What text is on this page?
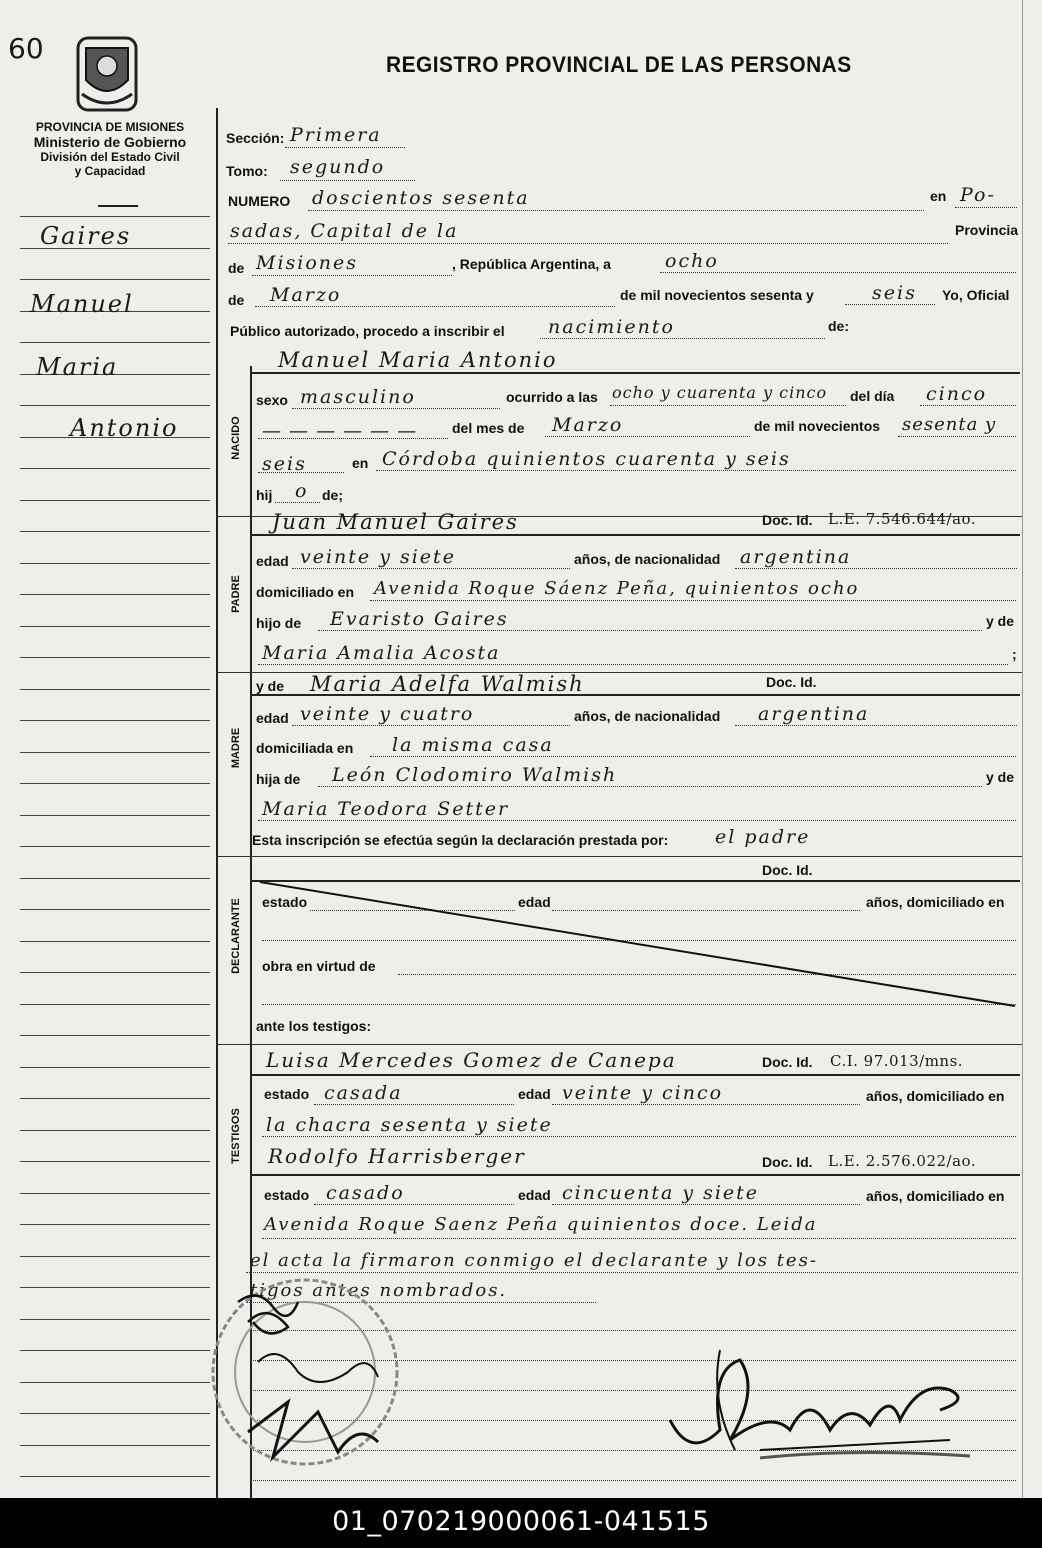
60	REGISTRO PROVINCIAL DE LAS PERSONAS
PROVINCIA DE MISIONES
Ministerio de Gobierno
División del Estado Civil
y Capacidad
Gaires
Manuel
Maria
Antonio
Sección: Primera
Tomo: segundo
NUMERO doscientos sesenta	en Po-
sadas, Capital de la	Provincia
de Misiones	, República Argentina, a	ocho
de Marzo	de mil novecientos sesenta y	seis Yo, Oficial
Público autorizado, procedo a inscribir el nacimiento	de:
NACIDO
Manuel Maria Antonio
sexo masculino	ocurrido a las ocho y cuarenta y cinco del día cinco
— — — — — — del mes de Marzo	de mil novecientos sesenta y
seis	en Córdoba quinientos cuarenta y seis
hij o de;
PADRE
Juan Manuel Gaires	Doc. Id. L.E. 7.546.644/ao.
edad veinte y siete	años, de nacionalidad argentina
domiciliado en Avenida Roque Sáenz Peña, quinientos ocho
hijo de Evaristo Gaires	y de
Maria Amalia Acosta	;
MADRE
y de Maria Adelfa Walmish	Doc. Id.
edad veinte y cuatro	años, de nacionalidad argentina
domiciliada en la misma casa
hija de León Clodomiro Walmish	y de
Maria Teodora Setter
Esta inscripción se efectúa según la declaración prestada por: el padre
DECLARANTE
Doc. Id.
estado	edad	años, domiciliado en
obra en virtud de
ante los testigos:
TESTIGOS
Luisa Mercedes Gomez de Canepa	Doc. Id. C.I. 97.013/mns.
estado casada	edad veinte y cinco	años, domiciliado en
la chacra sesenta y siete
Rodolfo Harrisberger	Doc. Id. L.E. 2.576.022/ao.
estado casado	edad cincuenta y siete	años, domiciliado en
Avenida Roque Saenz Peña quinientos doce. Leida
el acta la firmaron conmigo el declarante y los tes-
tigos antes nombrados.
01_070219000061-041515
